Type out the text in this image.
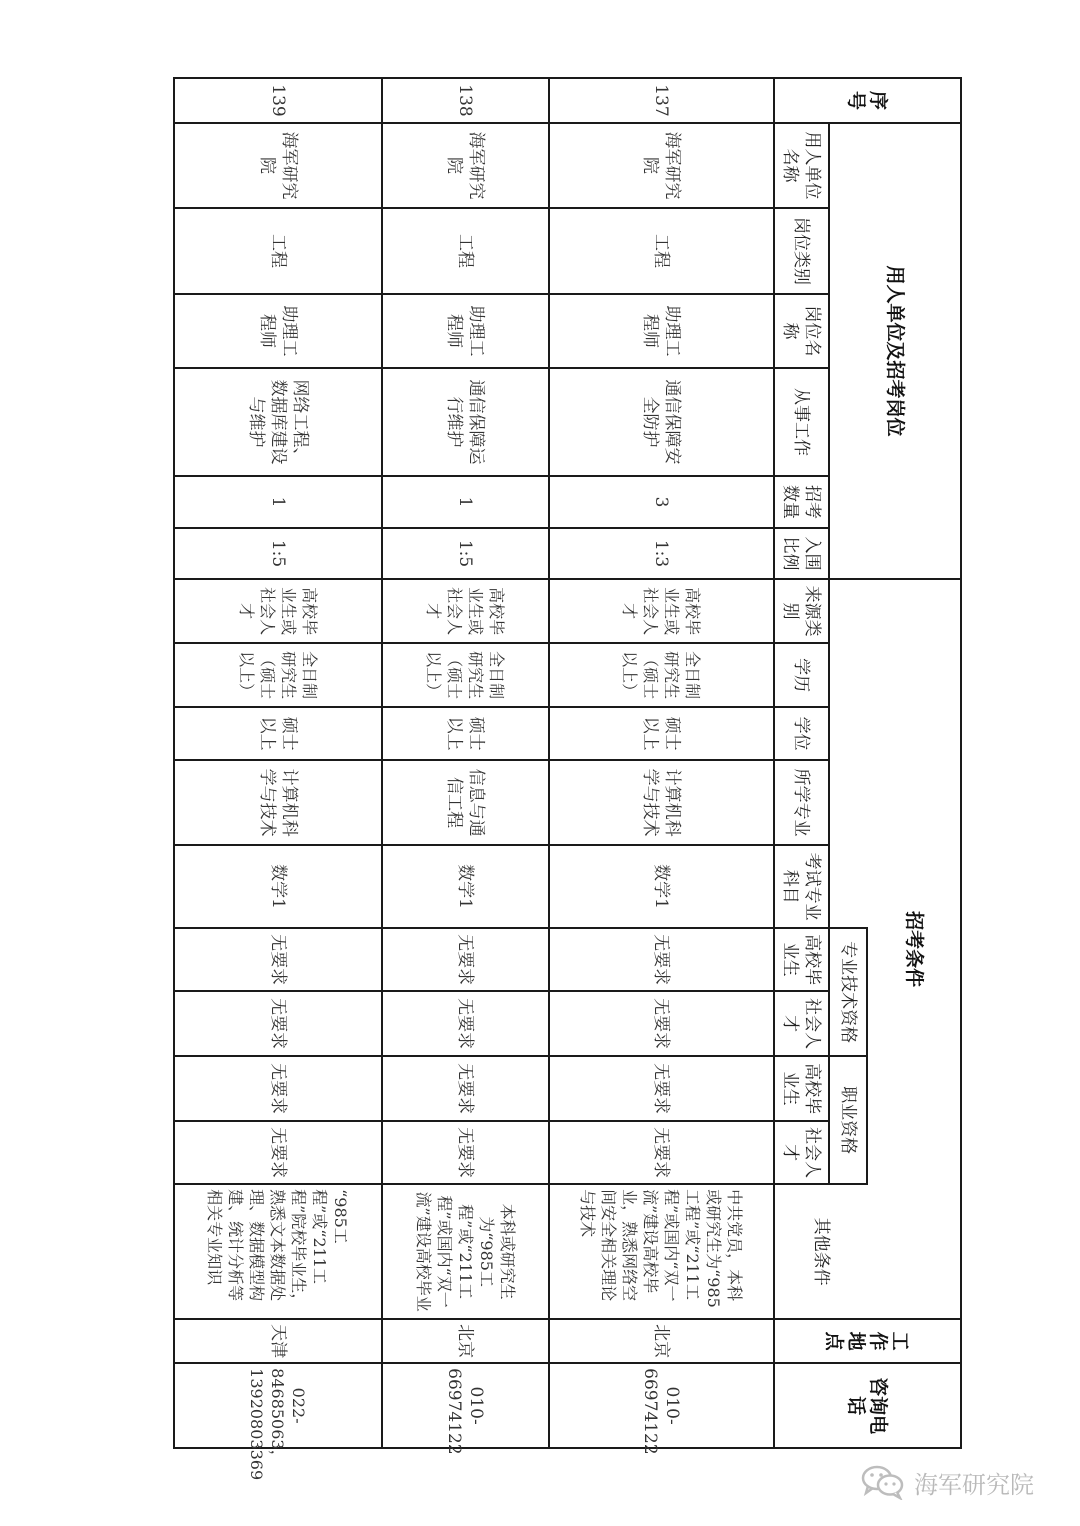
序号	用人单位及招考岗位						招考条件										工作地点	咨询电话
												专业技术资格		职业资格		其他条件		
	用人单位名称	岗位类别	岗位名称	从事工作	招考数量	入围比例	来源类别	学历	学位	所学专业	考试专业科目	高校毕业生	社会人才	高校毕业生	社会人才			
137	海军研究院	工程	助理工程师	通信保障安全防护	3	1:3	高校毕业生或社会人才	全日制研究生（硕士以上）	硕士以上	计算机科学与技术	数学1	无要求	无要求	无要求	无要求	中共党员，本科或研究生为“985工程”或“211工程”或国内“双一流”建设高校毕业，熟悉网络空间安全相关理论与技术	北京	010-66974122
138	海军研究院	工程	助理工程师	通信保障运行维护	1	1:5	高校毕业生或社会人才	全日制研究生（硕士以上）	硕士以上	信息与通信工程	数学1	无要求	无要求	无要求	无要求	本科或研究生为“985工程”或“211工程”或国内“双一流”建设高校毕业	北京	010-66974122
139	海军研究院	工程	助理工程师	网络工程、数据库建设与维护	1	1:5	高校毕业生或社会人才	全日制研究生（硕士以上）	硕士以上	计算机科学与技术	数学1	无要求	无要求	无要求	无要求	“985工程”或“211工程”院校毕业生，熟悉文本数据处理、数据模型构建、统计分析等相关专业知识	天津	022-84685063，13920803369
海军研究院
